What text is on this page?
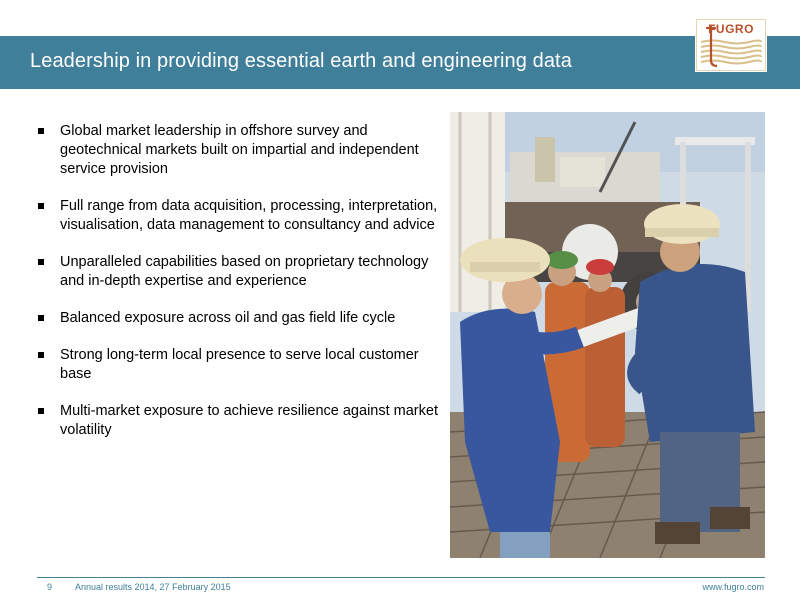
Leadership in providing essential earth and engineering data
FUGRO
Global market leadership in offshore survey and geotechnical markets built on impartial and independent service provision
Full range from data acquisition, processing, interpretation, visualisation, data management to consultancy and advice
Unparalleled capabilities based on proprietary technology and in-depth expertise and experience
Balanced exposure across oil and gas field life cycle
Strong long-term local presence to serve local customer base
Multi-market exposure to achieve resilience against market volatility
9	Annual results 2014, 27 February 2015	www.fugro.com
